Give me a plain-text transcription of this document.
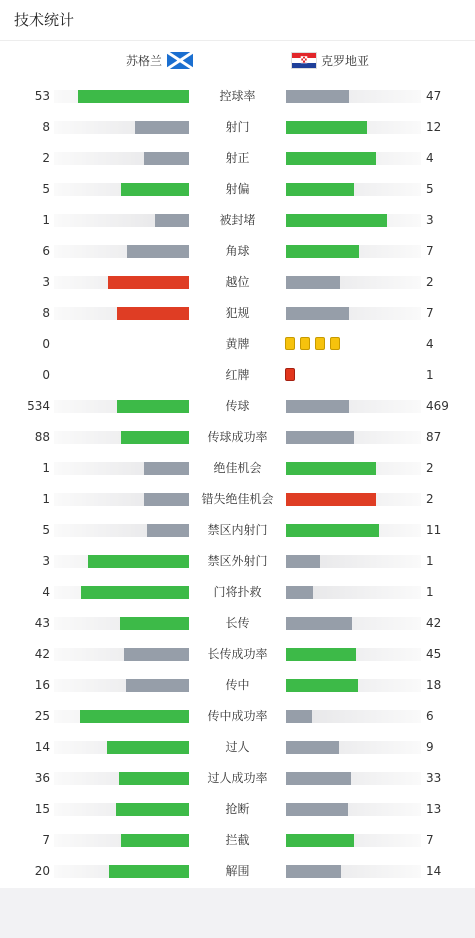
技术统计
苏格兰	克罗地亚
53	控球率	47
8	射门	12
2	射正	4
5	射偏	5
1	被封堵	3
6	角球	7
3	越位	2
8	犯规	7
0	黄牌	4
0	红牌	1
534	传球	469
88	传球成功率	87
1	绝佳机会	2
1	错失绝佳机会	2
5	禁区内射门	11
3	禁区外射门	1
4	门将扑救	1
43	长传	42
42	长传成功率	45
16	传中	18
25	传中成功率	6
14	过人	9
36	过人成功率	33
15	抢断	13
7	拦截	7
20	解围	14
